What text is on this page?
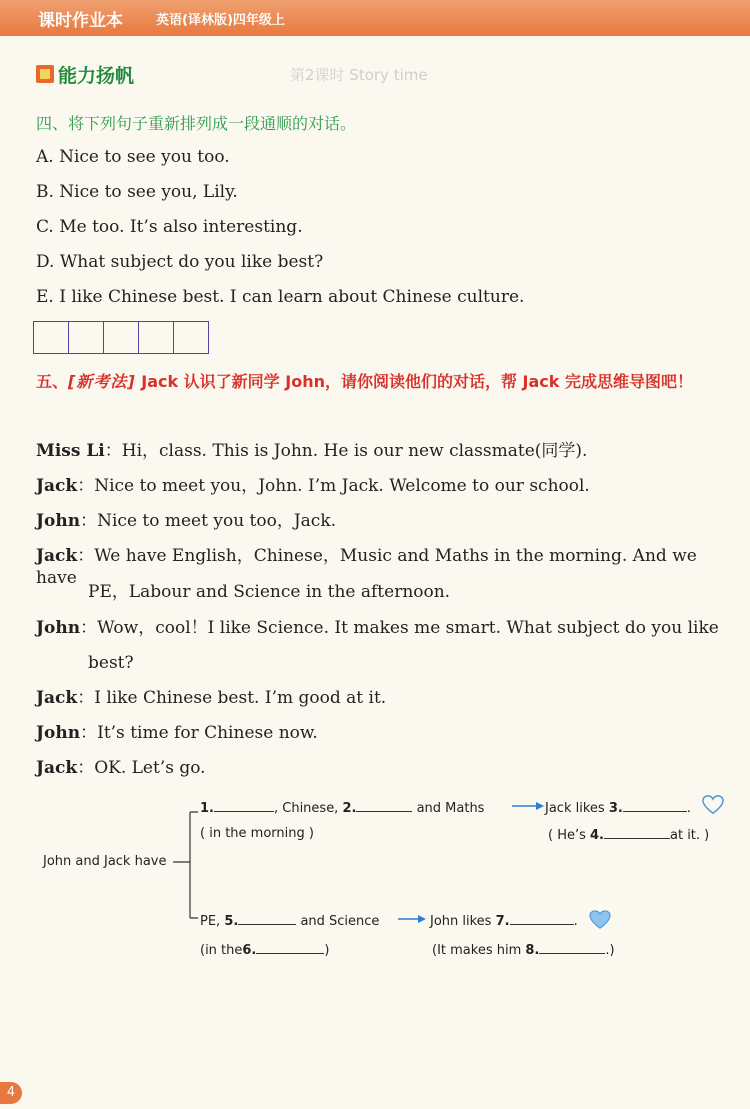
课时作业本	英语(译林版)四年级上
第2课时 Story time
能力扬帆
四、将下列句子重新排列成一段通顺的对话。
A. Nice to see you too.
B. Nice to see you, Lily.
C. Me too. It’s also interesting.
D. What subject do you like best?
E. I like Chinese best. I can learn about Chinese culture.
五、[新考法] Jack 认识了新同学 John，请你阅读他们的对话，帮 Jack 完成思维导图吧！
Miss Li：Hi，class. This is John. He is our new classmate(同学).
Jack：Nice to meet you，John. I’m Jack. Welcome to our school.
John：Nice to meet you too，Jack.
Jack：We have English，Chinese，Music and Maths in the morning. And we have
PE，Labour and Science in the afternoon.
John：Wow，cool！I like Science. It makes me smart. What subject do you like
best?
Jack：I like Chinese best. I’m good at it.
John：It’s time for Chinese now.
Jack：OK. Let’s go.
John and Jack have
1.	, Chinese, 2.	and Maths	Jack likes 3.	.
( in the morning )	( He’s 4.	at it. )
PE, 5.	and Science	John likes 7.	.
(in the6.	)	(It makes him 8.	.)
4
